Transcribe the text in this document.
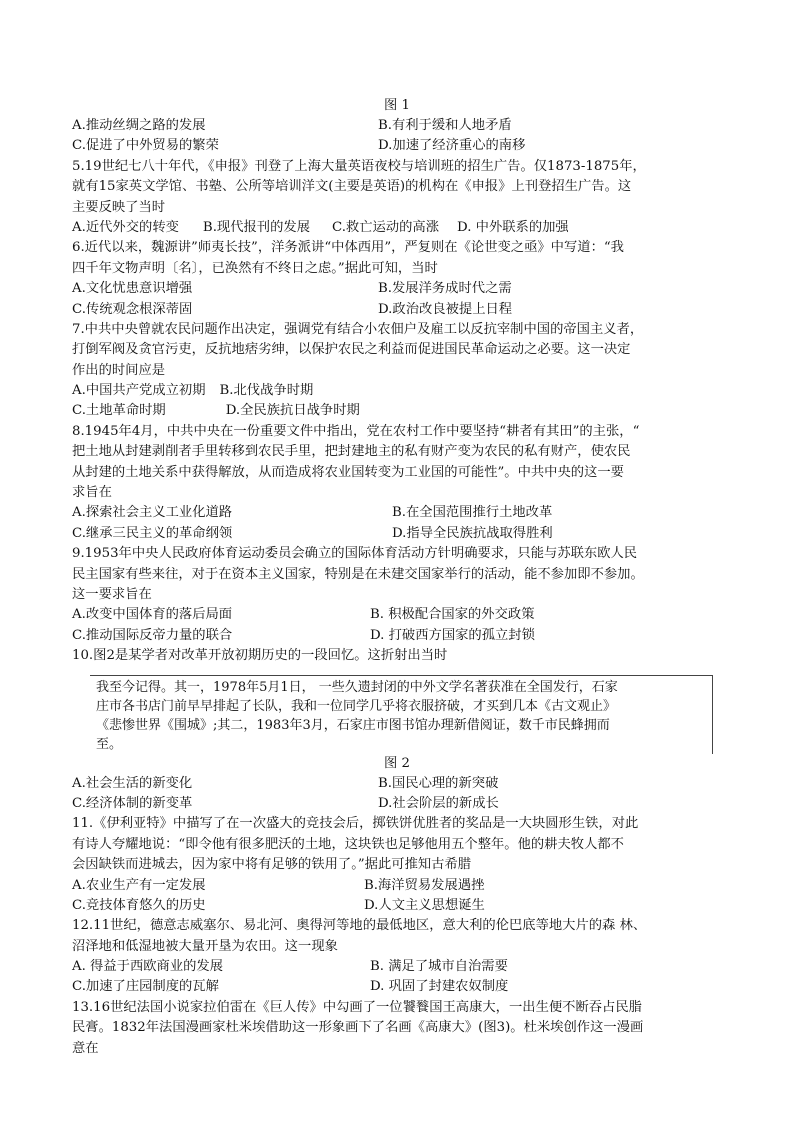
图 1
A.推动丝绸之路的发展	B.有利于缓和人地矛盾
C.促进了中外贸易的繁荣	D.加速了经济重心的南移
5.19世纪七八十年代，《申报》刊登了上海大量英语夜校与培训班的招生广告。仅1873-1875年，
就有15家英文学馆、书塾、公所等培训洋文(主要是英语)的机构在《申报》上刊登招生广告。这
主要反映了当时
A.近代外交的转变 B.现代报刊的发展 C.救亡运动的高涨 D. 中外联系的加强
6.近代以来，魏源讲”师夷长技”，洋务派讲“中体西用”，严复则在《论世变之亟》中写道：“我
四千年文物声明〔名〕，已涣然有不终日之虑。”据此可知，当时
A.文化忧患意识增强	B.发展洋务成时代之需
C.传统观念根深蒂固	D.政治改良被提上日程
7.中共中央曾就农民问题作出决定，强调党有结合小农佃户及雇工以反抗宰制中国的帝国主义者，
打倒军阀及贪官污吏，反抗地痞劣绅，以保护农民之利益而促进国民革命运动之必要。这一决定
作出的时间应是
A.中国共产党成立初期 B.北伐战争时期
C.土地革命时期	D.全民族抗日战争时期
8.1945年4月，中共中央在一份重要文件中指出，党在农村工作中要坚持“耕者有其田”的主张，“
把土地从封建剥削者手里转移到农民手里，把封建地主的私有财产变为农民的私有财产，使农民
从封建的土地关系中获得解放，从而造成将农业国转变为工业国的可能性”。中共中央的这一要
求旨在
A.探索社会主义工业化道路	B.在全国范围推行土地改革
C.继承三民主义的革命纲领	D.指导全民族抗战取得胜利
9.1953年中央人民政府体育运动委员会确立的国际体育活动方针明确要求，只能与苏联东欧人民
民主国家有些来往，对于在资本主义国家，特别是在未建交国家举行的活动，能不参加即不参加。
这一要求旨在
A.改变中国体育的落后局面	B. 积极配合国家的外交政策
C.推动国际反帝力量的联合	D. 打破西方国家的孤立封锁
10.图2是某学者对改革开放初期历史的一段回忆。这折射出当时
我至今记得。其一，1978年5月1日， 一些久遗封闭的中外文学名著获准在全国发行，石家
庄市各书店门前早早排起了长队，我和一位同学几乎将衣服挤破，才买到几本《古文观止》
《悲惨世界《围城》;其二，1983年3月，石家庄市图书馆办理新借阅证，数千市民蜂拥而
至。
图 2
A.社会生活的新变化	B.国民心理的新突破
C.经济体制的新变革	D.社会阶层的新成长
11.《伊利亚特》中描写了在一次盛大的竞技会后，掷铁饼优胜者的奖品是一大块圆形生铁，对此
有诗人夸耀地说：“即令他有很多肥沃的土地，这块铁也足够他用五个整年。他的耕夫牧人都不
会因缺铁而进城去，因为家中将有足够的铁用了。”据此可推知古希腊
A.农业生产有一定发展	B.海洋贸易发展遇挫
C.竞技体育悠久的历史	D.人文主义思想诞生
12.11世纪，德意志威塞尔、易北河、奥得河等地的最低地区，意大利的伦巴底等地大片的森 林、
沼泽地和低湿地被大量开垦为农田。这一现象
A. 得益于西欧商业的发展	B. 满足了城市自治需要
C.加速了庄园制度的瓦解	D. 巩固了封建农奴制度
13.16世纪法国小说家拉伯雷在《巨人传》中勾画了一位饕餮国王高康大，一出生便不断吞占民脂
民膏。1832年法国漫画家杜米埃借助这一形象画下了名画《高康大》(图3)。杜米埃创作这一漫画
意在
